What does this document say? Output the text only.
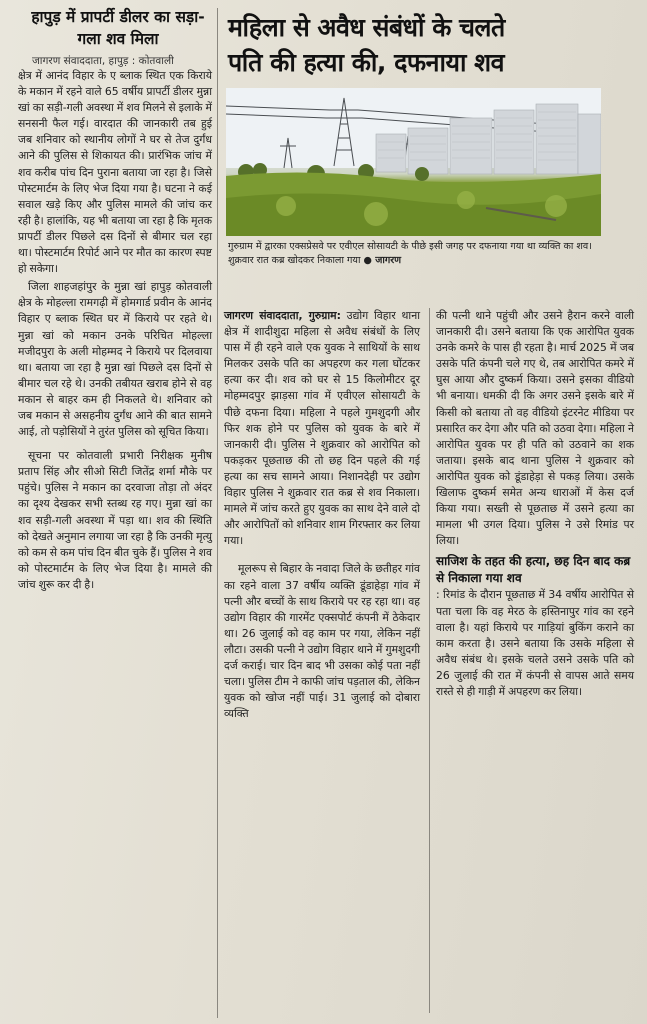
हापुड़ में प्रापर्टी डीलर का सड़ा-गला शव मिला
जागरण संवाददाता, हापुड़ : कोतवाली

क्षेत्र में आनंद विहार के ए ब्लाक स्थित एक किराये के मकान में रहने वाले 65 वर्षीय प्रापर्टी डीलर मुन्ना खां का सड़ी-गली अवस्था में शव मिलने से इलाके में सनसनी फैल गई। वारदात की जानकारी तब हुई जब शनिवार को स्थानीय लोगों ने घर से तेज दुर्गंध आने की पुलिस से शिकायत की। प्रारंभिक जांच में शव करीब पांच दिन पुराना बताया जा रहा है। जिसे पोस्टमार्टम के लिए भेज दिया गया है। घटना ने कई सवाल खड़े किए और पुलिस मामले की जांच कर रही है। हालांकि, यह भी बताया जा रहा है कि मृतक प्रापर्टी डीलर पिछले दस दिनों से बीमार चल रहा था। पोस्टमार्टम रिपोर्ट आने पर मौत का कारण स्पष्ट हो सकेगा।

जिला शाहजहांपुर के मुन्ना खां हापुड़ कोतवाली क्षेत्र के मोहल्ला रामगढ़ी में होमगार्ड प्रवीन के आनंद विहार ए ब्लाक स्थित घर में किराये पर रहते थे। मुन्ना खां को मकान उनके परिचित मोहल्ला मजीदपुरा के अली मोहम्मद ने किराये पर दिलवाया था। बताया जा रहा है मुन्ना खां पिछले दस दिनों से बीमार चल रहे थे। उनकी तबीयत खराब होने से वह मकान से बाहर कम ही निकलते थे। शनिवार को जब मकान से असहनीय दुर्गंध आने की बात सामने आई, तो पड़ोसियों ने तुरंत पुलिस को सूचित किया।

सूचना पर कोतवाली प्रभारी निरीक्षक मुनीष प्रताप सिंह और सीओ सिटी जितेंद्र शर्मा मौके पर पहुंचे। पुलिस ने मकान का दरवाजा तोड़ा तो अंदर का दृश्य देखकर सभी स्तब्ध रह गए। मुन्ना खां का शव सड़ी-गली अवस्था में पड़ा था। शव की स्थिति को देखते अनुमान लगाया जा रहा है कि उनकी मृत्यु को कम से कम पांच दिन बीत चुके हैं। पुलिस ने शव को पोस्टमार्टम के लिए भेज दिया है। मामले की जांच शुरू कर दी है।

महिला से अवैध संबंधों के चलते
पति की हत्या की, दफनाया शव
गुरुग्राम में द्वारका एक्सप्रेसवे पर एवीएल सोसायटी के पीछे इसी जगह पर दफनाया गया था व्यक्ति का शव। शुक्रवार रात कब्र खोदकर निकाला गया ● जागरण

जागरण संवाददाता, गुरुग्राम: उद्योग विहार थाना क्षेत्र में शादीशुदा महिला से अवैध संबंधों के लिए पास में ही रहने वाले एक युवक ने साथियों के साथ मिलकर उसके पति का अपहरण कर गला घोंटकर हत्या कर दी। शव को घर से 15 किलोमीटर दूर मोहम्मदपुर झाड़सा गांव में एवीएल सोसायटी के पीछे दफना दिया। महिला ने पहले गुमशुदगी और फिर शक होने पर पुलिस को युवक के बारे में जानकारी दी। पुलिस ने शुक्रवार को आरोपित को पकड़कर पूछताछ की तो छह दिन पहले की गई हत्या का सच सामने आया। निशानदेही पर उद्योग विहार पुलिस ने शुक्रवार रात कब्र से शव निकाला। मामले में जांच करते हुए युवक का साथ देने वाले दो और आरोपितों को शनिवार शाम गिरफ्तार कर लिया गया।

मूलरूप से बिहार के नवादा जिले के छतीहर गांव का रहने वाला 37 वर्षीय व्यक्ति डूंडाहेड़ा गांव में पत्नी और बच्चों के साथ किराये पर रह रहा था। वह उद्योग विहार की गारमेंट एक्सपोर्ट कंपनी में ठेकेदार था। 26 जुलाई को वह काम पर गया, लेकिन नहीं लौटा। उसकी पत्नी ने उद्योग विहार थाने में गुमशुदगी दर्ज कराई। चार दिन बाद भी उसका कोई पता नहीं चला। पुलिस टीम ने काफी जांच पड़ताल की, लेकिन युवक को खोज नहीं पाई। 31 जुलाई को दोबारा व्यक्ति

की पत्नी थाने पहुंची और उसने हैरान करने वाली जानकारी दी। उसने बताया कि एक आरोपित युवक उनके कमरे के पास ही रहता है। मार्च 2025 में जब उसके पति कंपनी चले गए थे, तब आरोपित कमरे में घुस आया और दुष्कर्म किया। उसने इसका वीडियो भी बनाया। धमकी दी कि अगर उसने इसके बारे में किसी को बताया तो वह वीडियो इंटरनेट मीडिया पर प्रसारित कर देगा और पति को उठवा देगा। महिला ने आरोपित युवक पर ही पति को उठवाने का शक जताया। इसके बाद थाना पुलिस ने शुक्रवार को आरोपित युवक को डूंडाहेड़ा से पकड़ लिया। उसके खिलाफ दुष्कर्म समेत अन्य धाराओं में केस दर्ज किया गया। सख्ती से पूछताछ में उसने हत्या का मामला भी उगल दिया। पुलिस ने उसे रिमांड पर लिया।

साजिश के तहत की हत्या, छह दिन बाद कब्र से निकाला गया शव

: रिमांड के दौरान पूछताछ में 34 वर्षीय आरोपित से पता चला कि वह मेरठ के हस्तिनापुर गांव का रहने वाला है। यहां किराये पर गाड़ियां बुकिंग कराने का काम करता है। उसने बताया कि उसके महिला से अवैध संबंध थे। इसके चलते उसने उसके पति को 26 जुलाई की रात में कंपनी से वापस आते समय रास्ते से ही गाड़ी में अपहरण कर लिया।
